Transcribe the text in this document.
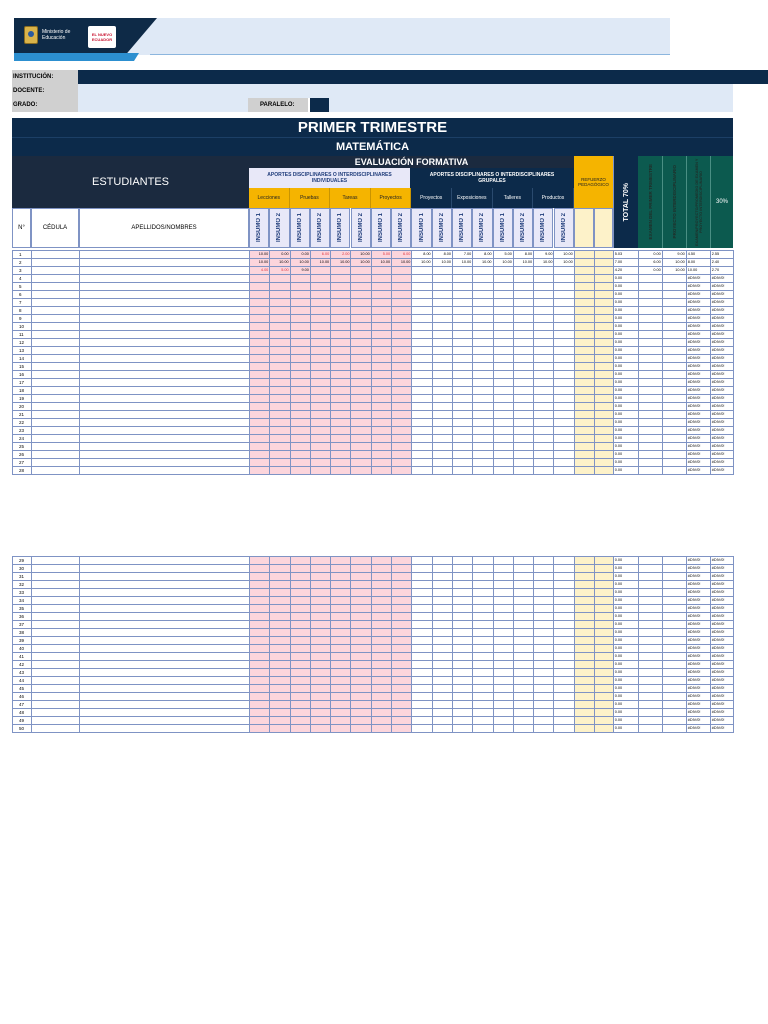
Ministerio de
Educación
EL NUEVO ECUADOR
INSTITUCIÓN:
DOCENTE:
GRADO:	PARALELO:
PRIMER TRIMESTRE
MATEMÁTICA
ESTUDIANTES
EVALUACIÓN FORMATIVA
APORTES DISCIPLINARES O INTERDISCIPLINARES INDIVIDUALES
APORTES DISCIPLINARES O INTERDISCIPLINARES GRUPALES	REFUERZO PEDAGÓGICO	TOTAL 70%	EXAMEN DEL PRIMER TRIMESTRE	PROYECTO INTERDISCIPLINARIO	EXAMEN/PROYECTO/PROMEDIO DE EXAMEN Y PROYECTO INTERDISCIPLINARIO	30%
Lecciones	Pruebas	Tareas	Proyectos	Proyectos	Exposiciones	Talleres	Productos
N°	CÉDULA	APELLIDOS/NOMBRES	INSUMO 1 INSUMO 2 INSUMO 1 INSUMO 2 INSUMO 1 INSUMO 2 INSUMO 1 INSUMO 2 INSUMO 1 INSUMO 2 INSUMO 1 INSUMO 2 INSUMO 1 INSUMO 2 INSUMO 1 INSUMO 2
1			10.00	0.00	0.00	6.00	2.00	10.00	5.00	6.00	8.00	8.00	7.00	8.00	5.00	8.00	9.00	10.00			5.03	0.00	9.00	4.50	2.55
2			10.00	10.00	10.00	10.00	10.00	10.00	10.00	10.00	10.00	10.00	10.00	10.00	10.00	10.00	10.00	10.00			7.00	6.00	10.00	8.00	2.40
3			4.00	5.00	9.00																4.20	0.00	10.00	10.00	2.70
4																					0.00			#DIV/0!	#DIV/0!
5																					0.00			#DIV/0!	#DIV/0!
6																					0.00			#DIV/0!	#DIV/0!
7																					0.00			#DIV/0!	#DIV/0!
8																					0.00			#DIV/0!	#DIV/0!
9																					0.00			#DIV/0!	#DIV/0!
10																					0.00			#DIV/0!	#DIV/0!
11																					0.00			#DIV/0!	#DIV/0!
12																					0.00			#DIV/0!	#DIV/0!
13																					0.00			#DIV/0!	#DIV/0!
14																					0.00			#DIV/0!	#DIV/0!
15																					0.00			#DIV/0!	#DIV/0!
16																					0.00			#DIV/0!	#DIV/0!
17																					0.00			#DIV/0!	#DIV/0!
18																					0.00			#DIV/0!	#DIV/0!
19																					0.00			#DIV/0!	#DIV/0!
20																					0.00			#DIV/0!	#DIV/0!
21																					0.00			#DIV/0!	#DIV/0!
22																					0.00			#DIV/0!	#DIV/0!
23																					0.00			#DIV/0!	#DIV/0!
24																					0.00			#DIV/0!	#DIV/0!
25																					0.00			#DIV/0!	#DIV/0!
26																					0.00			#DIV/0!	#DIV/0!
27																					0.00			#DIV/0!	#DIV/0!
28																					0.00			#DIV/0!	#DIV/0!
29																					0.00			#DIV/0!	#DIV/0!
30																					0.00			#DIV/0!	#DIV/0!
31																					0.00			#DIV/0!	#DIV/0!
32																					0.00			#DIV/0!	#DIV/0!
33																					0.00			#DIV/0!	#DIV/0!
34																					0.00			#DIV/0!	#DIV/0!
35																					0.00			#DIV/0!	#DIV/0!
36																					0.00			#DIV/0!	#DIV/0!
37																					0.00			#DIV/0!	#DIV/0!
38																					0.00			#DIV/0!	#DIV/0!
39																					0.00			#DIV/0!	#DIV/0!
40																					0.00			#DIV/0!	#DIV/0!
41																					0.00			#DIV/0!	#DIV/0!
42																					0.00			#DIV/0!	#DIV/0!
43																					0.00			#DIV/0!	#DIV/0!
44																					0.00			#DIV/0!	#DIV/0!
45																					0.00			#DIV/0!	#DIV/0!
46																					0.00			#DIV/0!	#DIV/0!
47																					0.00			#DIV/0!	#DIV/0!
48																					0.00			#DIV/0!	#DIV/0!
49																					0.00			#DIV/0!	#DIV/0!
50																					0.00			#DIV/0!	#DIV/0!
